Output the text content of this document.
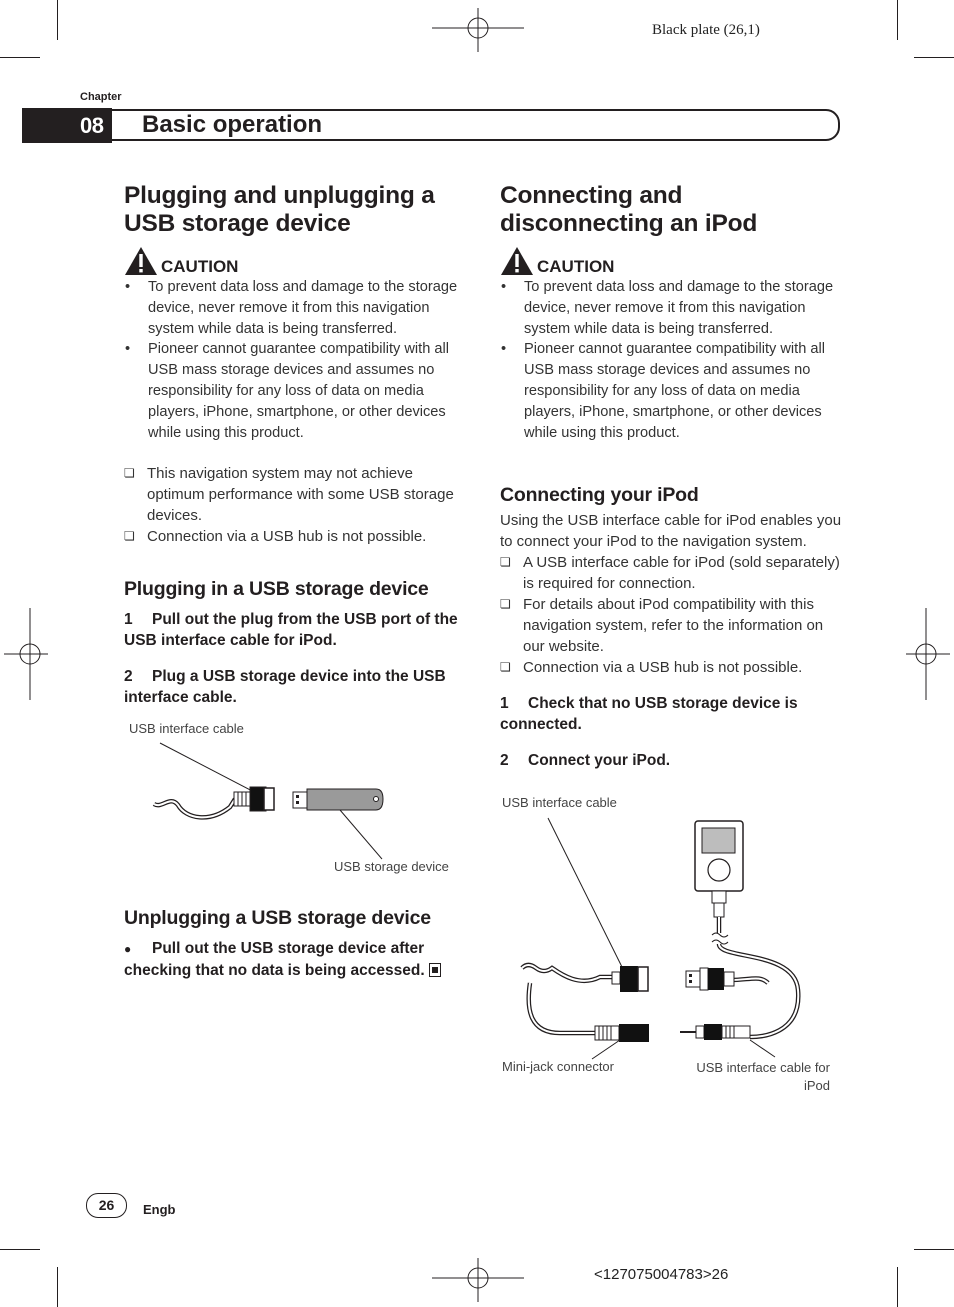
Black plate (26,1)
Chapter
08	Basic operation
Plugging and unplugging a USB storage device
CAUTION
• To prevent data loss and damage to the storage device, never remove it from this navigation system while data is being transferred.
• Pioneer cannot guarantee compatibility with all USB mass storage devices and assumes no responsibility for any loss of data on media players, iPhone, smartphone, or other devices while using this product.
❏ This navigation system may not achieve optimum performance with some USB storage devices.
❏ Connection via a USB hub is not possible.
Plugging in a USB storage device

1 Pull out the plug from the USB port of the USB interface cable for iPod.

2 Plug a USB storage device into the USB interface cable.

USB interface cable
USB storage device
Unplugging a USB storage device

● Pull out the USB storage device after checking that no data is being accessed.

Connecting and disconnecting an iPod
CAUTION
• To prevent data loss and damage to the storage device, never remove it from this navigation system while data is being transferred.
• Pioneer cannot guarantee compatibility with all USB mass storage devices and assumes no responsibility for any loss of data on media players, iPhone, smartphone, or other devices while using this product.
Connecting your iPod

Using the USB interface cable for iPod enables you to connect your iPod to the navigation system.

❏ A USB interface cable for iPod (sold separately) is required for connection.
❏ For details about iPod compatibility with this navigation system, refer to the information on our website.
❏ Connection via a USB hub is not possible.

1 Check that no USB storage device is connected.

2 Connect your iPod.

USB interface cable
Mini-jack connector	USB interface cable for iPod
26	Engb
<127075004783>26
